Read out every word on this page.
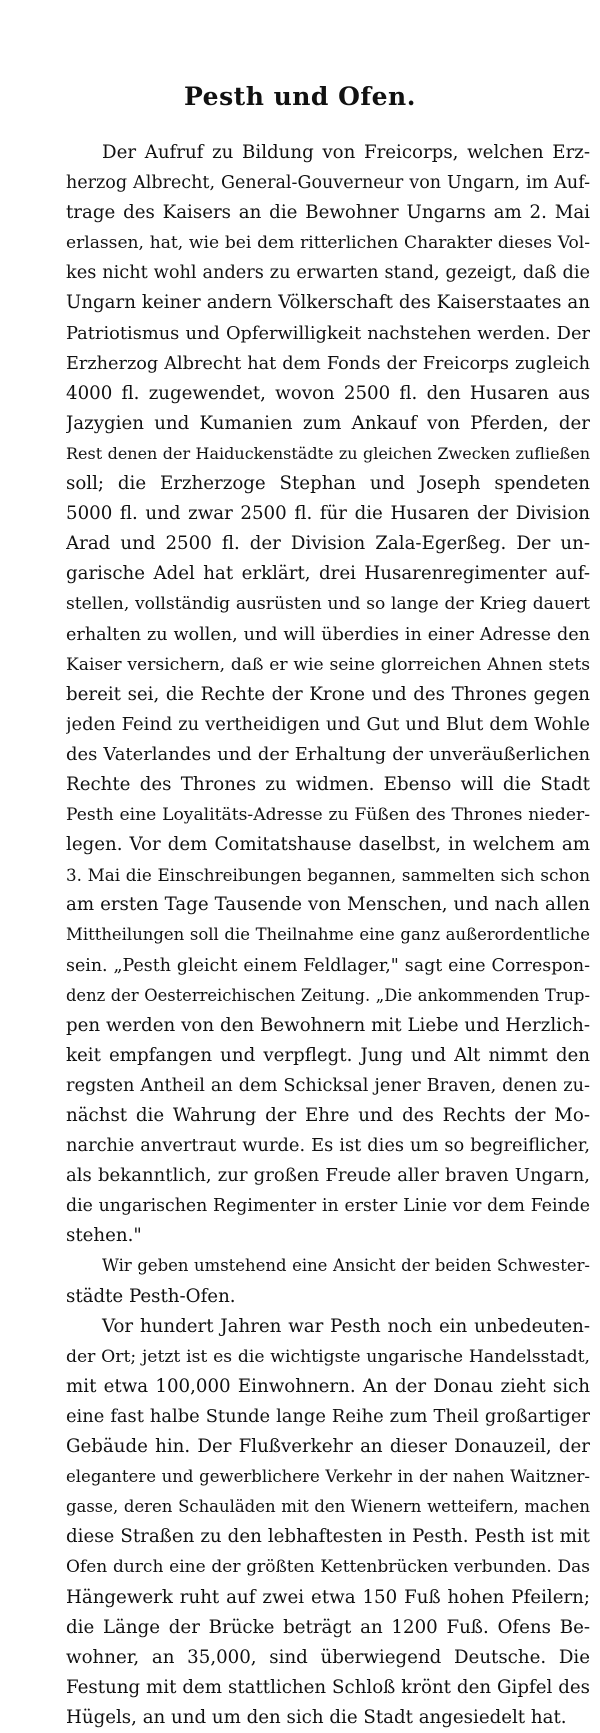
Pesth und Ofen.
Der Aufruf zu Bildung von Freicorps, welchen Erz-
herzog Albrecht, General-Gouverneur von Ungarn, im Auf-
trage des Kaisers an die Bewohner Ungarns am 2. Mai
erlassen, hat, wie bei dem ritterlichen Charakter dieses Vol-
kes nicht wohl anders zu erwarten stand, gezeigt, daß die
Ungarn keiner andern Völkerschaft des Kaiserstaates an
Patriotismus und Opferwilligkeit nachstehen werden. Der
Erzherzog Albrecht hat dem Fonds der Freicorps zugleich
4000 fl. zugewendet, wovon 2500 fl. den Husaren aus
Jazygien und Kumanien zum Ankauf von Pferden, der
Rest denen der Haiduckenstädte zu gleichen Zwecken zufließen
soll; die Erzherzoge Stephan und Joseph spendeten
5000 fl. und zwar 2500 fl. für die Husaren der Division
Arad und 2500 fl. der Division Zala-Egerßeg. Der un-
garische Adel hat erklärt, drei Husarenregimenter auf-
stellen, vollständig ausrüsten und so lange der Krieg dauert
erhalten zu wollen, und will überdies in einer Adresse den
Kaiser versichern, daß er wie seine glorreichen Ahnen stets
bereit sei, die Rechte der Krone und des Thrones gegen
jeden Feind zu vertheidigen und Gut und Blut dem Wohle
des Vaterlandes und der Erhaltung der unveräußerlichen
Rechte des Thrones zu widmen. Ebenso will die Stadt
Pesth eine Loyalitäts-Adresse zu Füßen des Thrones nieder-
legen. Vor dem Comitatshause daselbst, in welchem am
3. Mai die Einschreibungen begannen, sammelten sich schon
am ersten Tage Tausende von Menschen, und nach allen
Mittheilungen soll die Theilnahme eine ganz außerordentliche
sein. „Pesth gleicht einem Feldlager," sagt eine Correspon-
denz der Oesterreichischen Zeitung. „Die ankommenden Trup-
pen werden von den Bewohnern mit Liebe und Herzlich-
keit empfangen und verpflegt. Jung und Alt nimmt den
regsten Antheil an dem Schicksal jener Braven, denen zu-
nächst die Wahrung der Ehre und des Rechts der Mo-
narchie anvertraut wurde. Es ist dies um so begreiflicher,
als bekanntlich, zur großen Freude aller braven Ungarn,
die ungarischen Regimenter in erster Linie vor dem Feinde
stehen."
Wir geben umstehend eine Ansicht der beiden Schwester-
städte Pesth-Ofen.
Vor hundert Jahren war Pesth noch ein unbedeuten-
der Ort; jetzt ist es die wichtigste ungarische Handelsstadt,
mit etwa 100,000 Einwohnern. An der Donau zieht sich
eine fast halbe Stunde lange Reihe zum Theil großartiger
Gebäude hin. Der Flußverkehr an dieser Donauzeil, der
elegantere und gewerblichere Verkehr in der nahen Waitzner-
gasse, deren Schauläden mit den Wienern wetteifern, machen
diese Straßen zu den lebhaftesten in Pesth. Pesth ist mit
Ofen durch eine der größten Kettenbrücken verbunden. Das
Hängewerk ruht auf zwei etwa 150 Fuß hohen Pfeilern;
die Länge der Brücke beträgt an 1200 Fuß. Ofens Be-
wohner, an 35,000, sind überwiegend Deutsche. Die
Festung mit dem stattlichen Schloß krönt den Gipfel des
Hügels, an und um den sich die Stadt angesiedelt hat.
